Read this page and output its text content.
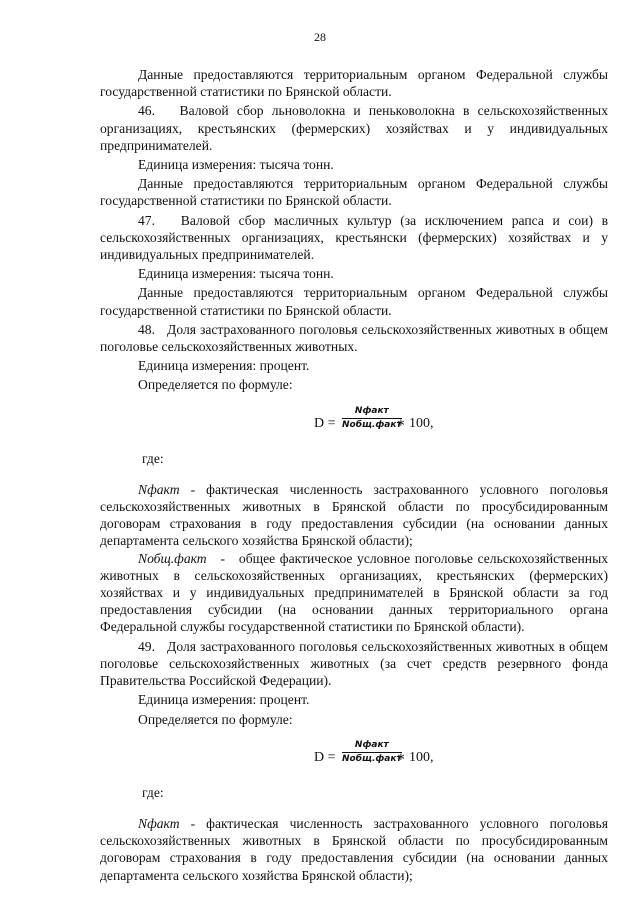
28

Данные предоставляются территориальным органом Федеральной службы государственной статистики по Брянской области.

46.   Валовой сбор льноволокна и пеньковолокна в сельскохозяйственных организациях, крестьянских (фермерских) хозяйствах и у индивидуальных предпринимателей.

Единица измерения: тысяча тонн.

Данные предоставляются территориальным органом Федеральной службы государственной статистики по Брянской области.

47.   Валовой сбор масличных культур (за исключением рапса и сои) в сельскохозяйственных организациях, крестьянски (фермерских) хозяйствах и у индивидуальных предпринимателей.

Единица измерения: тысяча тонн.

Данные предоставляются территориальным органом Федеральной службы государственной статистики по Брянской области.

48.   Доля застрахованного поголовья сельскохозяйственных животных в общем поголовье сельскохозяйственных животных.

Единица измерения: процент.

Определяется по формуле:

D =
Nфакт
Nобщ.факт
∗ 100,

где:

Nфакт - фактическая численность застрахованного условного поголовья сельскохозяйственных животных в Брянской области по просубсидированным договорам страхования в году предоставления субсидии (на основании данных департамента сельского хозяйства Брянской области);

Nобщ.факт   -   общее фактическое условное поголовье сельскохозяйственных животных в сельскохозяйственных организациях, крестьянских (фермерских) хозяйствах и у индивидуальных предпринимателей в Брянской области за год предоставления субсидии (на основании данных территориального органа Федеральной службы государственной статистики по Брянской области).

49.   Доля застрахованного поголовья сельскохозяйственных животных в общем поголовье сельскохозяйственных животных (за счет средств резервного фонда Правительства Российской Федерации).

Единица измерения: процент.

Определяется по формуле:

D =
Nфакт
Nобщ.факт
∗ 100,

где:

Nфакт - фактическая численность застрахованного условного поголовья сельскохозяйственных животных в Брянской области по просубсидированным договорам страхования в году предоставления субсидии (на основании данных департамента сельского хозяйства Брянской области);
